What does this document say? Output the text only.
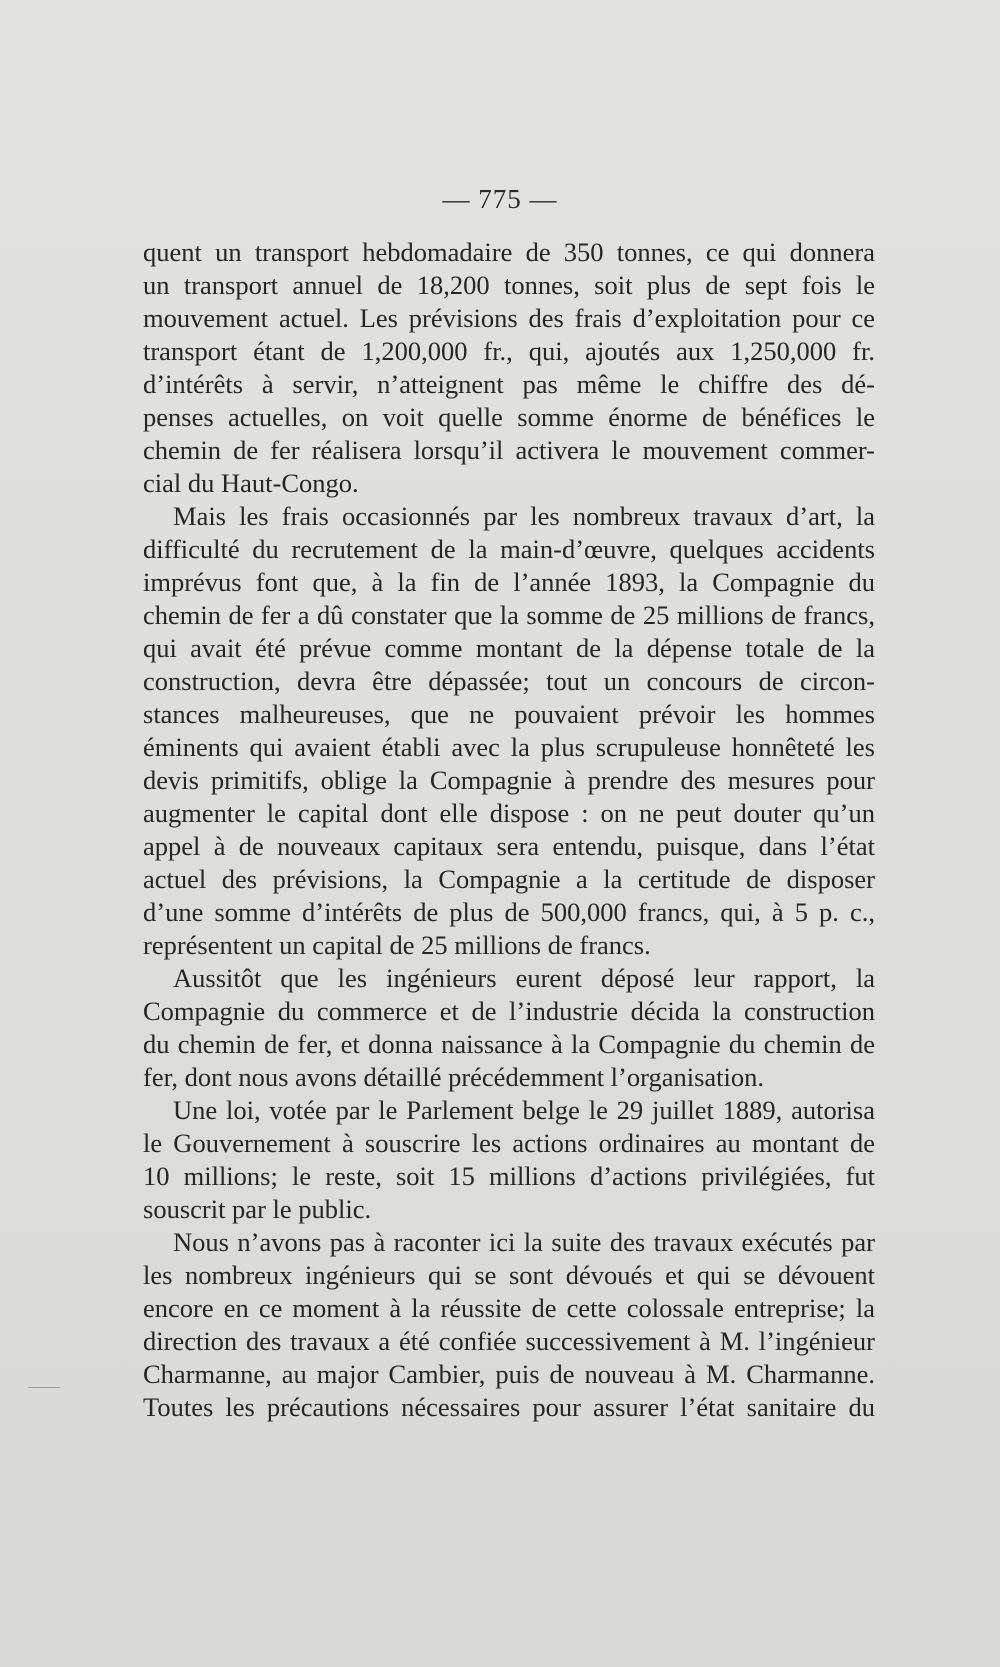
— 775 —
quent un transport hebdomadaire de 350 tonnes, ce qui donnera
un transport annuel de 18,200 tonnes, soit plus de sept fois le
mouvement actuel. Les prévisions des frais d’exploitation pour ce
transport étant de 1,200,000 fr., qui, ajoutés aux 1,250,000 fr.
d’intérêts à servir, n’atteignent pas même le chiffre des dé-
penses actuelles, on voit quelle somme énorme de bénéfices le
chemin de fer réalisera lorsqu’il activera le mouvement commer-
cial du Haut-Congo.
Mais les frais occasionnés par les nombreux travaux d’art, la
difficulté du recrutement de la main-d’œuvre, quelques accidents
imprévus font que, à la fin de l’année 1893, la Compagnie du
chemin de fer a dû constater que la somme de 25 millions de francs,
qui avait été prévue comme montant de la dépense totale de la
construction, devra être dépassée; tout un concours de circon-
stances malheureuses, que ne pouvaient prévoir les hommes
éminents qui avaient établi avec la plus scrupuleuse honnêteté les
devis primitifs, oblige la Compagnie à prendre des mesures pour
augmenter le capital dont elle dispose : on ne peut douter qu’un
appel à de nouveaux capitaux sera entendu, puisque, dans l’état
actuel des prévisions, la Compagnie a la certitude de disposer
d’une somme d’intérêts de plus de 500,000 francs, qui, à 5 p. c.,
représentent un capital de 25 millions de francs.
Aussitôt que les ingénieurs eurent déposé leur rapport, la
Compagnie du commerce et de l’industrie décida la construction
du chemin de fer, et donna naissance à la Compagnie du chemin de
fer, dont nous avons détaillé précédemment l’organisation.
Une loi, votée par le Parlement belge le 29 juillet 1889, autorisa
le Gouvernement à souscrire les actions ordinaires au montant de
10 millions; le reste, soit 15 millions d’actions privilégiées, fut
souscrit par le public.
Nous n’avons pas à raconter ici la suite des travaux exécutés par
les nombreux ingénieurs qui se sont dévoués et qui se dévouent
encore en ce moment à la réussite de cette colossale entreprise; la
direction des travaux a été confiée successivement à M. l’ingénieur
Charmanne, au major Cambier, puis de nouveau à M. Charmanne.
Toutes les précautions nécessaires pour assurer l’état sanitaire du
